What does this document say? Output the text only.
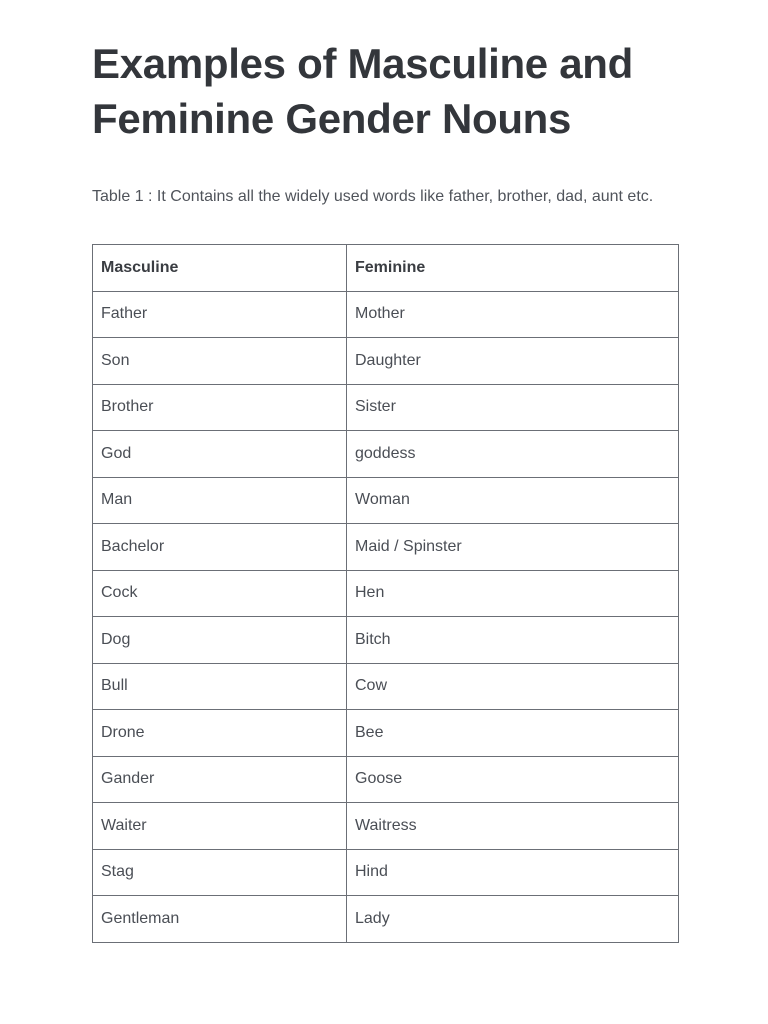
Examples of Masculine and Feminine Gender Nouns

Table 1 : It Contains all the widely used words like father, brother, dad, aunt etc.

Masculine	Feminine
Father	Mother
Son	Daughter
Brother	Sister
God	goddess
Man	Woman
Bachelor	Maid / Spinster
Cock	Hen
Dog	Bitch
Bull	Cow
Drone	Bee
Gander	Goose
Waiter	Waitress
Stag	Hind
Gentleman	Lady
